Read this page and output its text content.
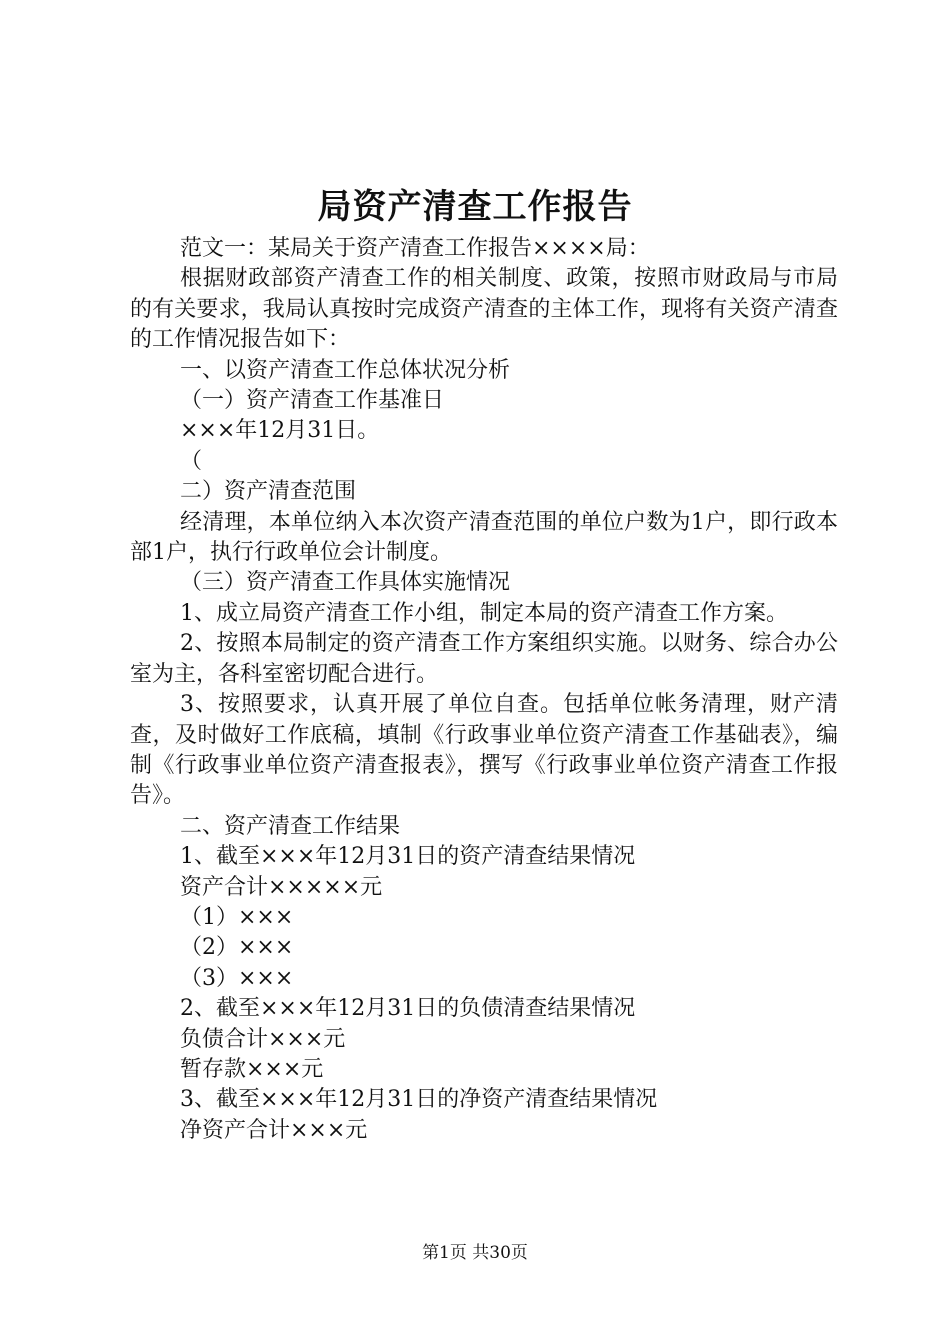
局资产清查工作报告

范文一：某局关于资产清查工作报告××××局：

根据财政部资产清查工作的相关制度、政策，按照市财政局与市局的有关要求，我局认真按时完成资产清查的主体工作，现将有关资产清查的工作情况报告如下：

一、以资产清查工作总体状况分析

（一）资产清查工作基准日

×××年12月31日。

（

二）资产清查范围

经清理，本单位纳入本次资产清查范围的单位户数为1户，即行政本部1户，执行行政单位会计制度。

（三）资产清查工作具体实施情况

1、成立局资产清查工作小组，制定本局的资产清查工作方案。

2、按照本局制定的资产清查工作方案组织实施。以财务、综合办公室为主，各科室密切配合进行。

3、按照要求，认真开展了单位自查。包括单位帐务清理，财产清查，及时做好工作底稿，填制《行政事业单位资产清查工作基础表》，编制《行政事业单位资产清查报表》，撰写《行政事业单位资产清查工作报告》。

二、资产清查工作结果

1、截至×××年12月31日的资产清查结果情况

资产合计×××××元

（1）×××

（2）×××

（3）×××

2、截至×××年12月31日的负债清查结果情况

负债合计×××元

暂存款×××元

3、截至×××年12月31日的净资产清查结果情况

净资产合计×××元

第1页 共30页
